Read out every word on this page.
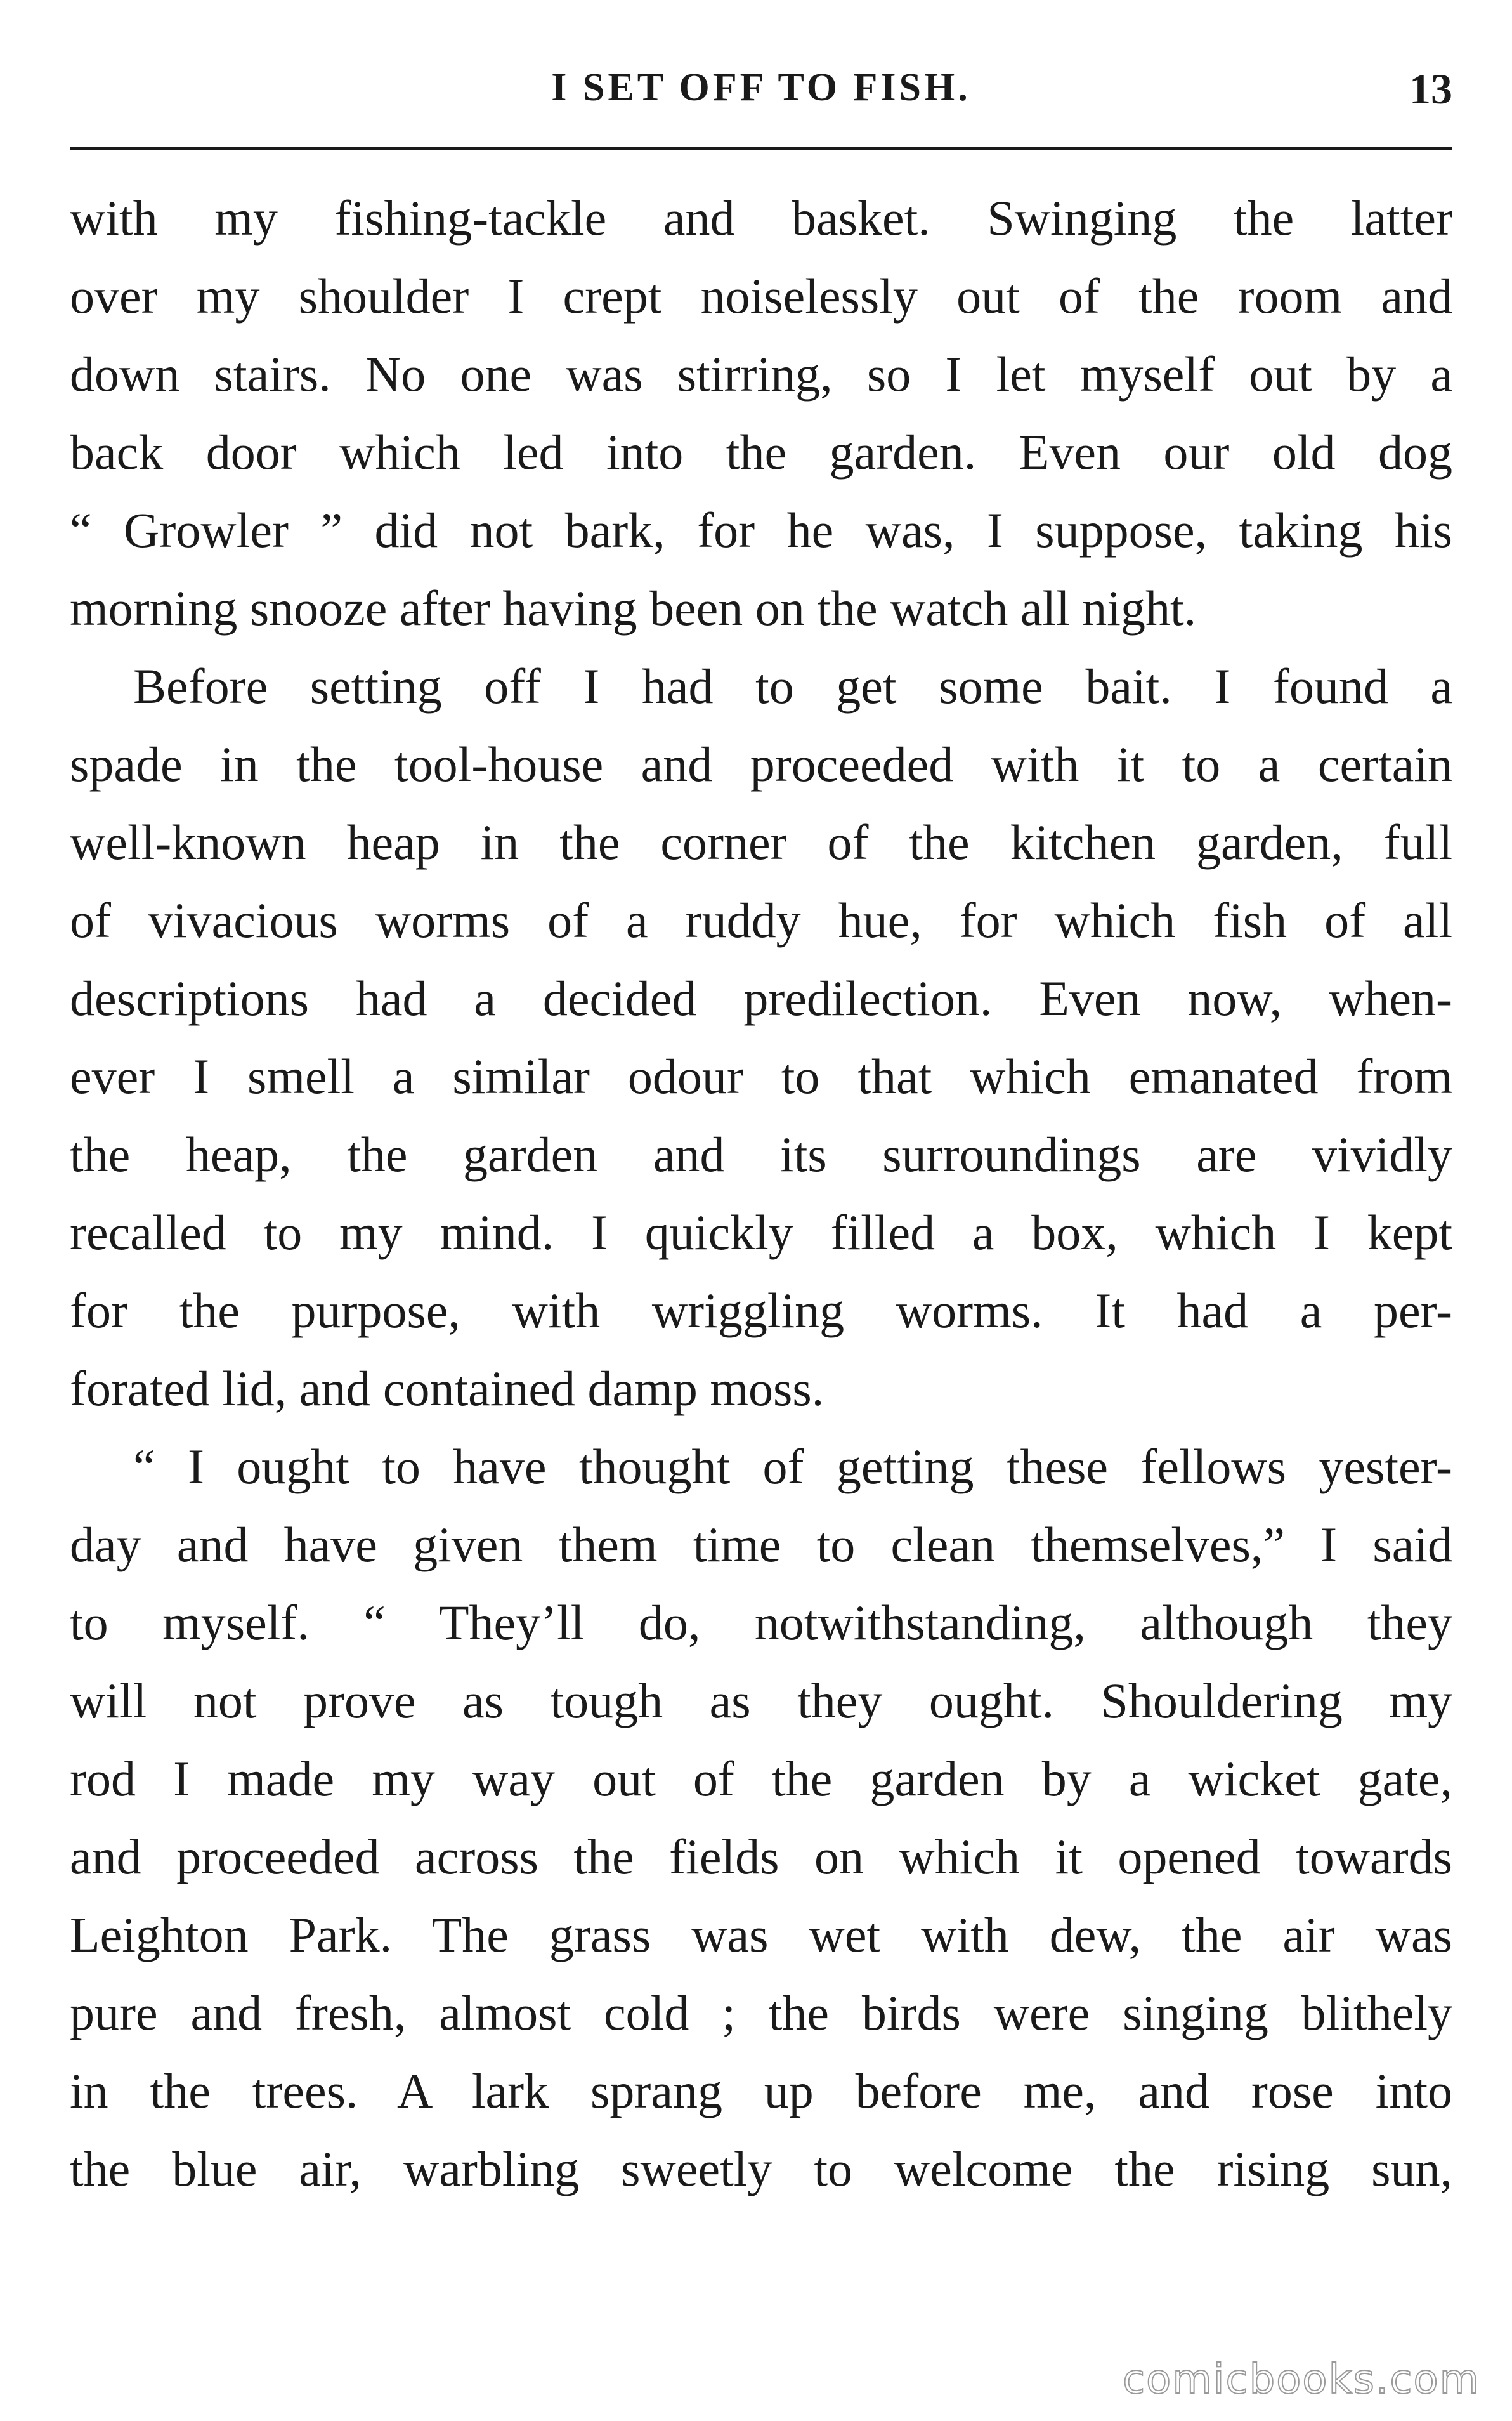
I SET OFF TO FISH.	13
with my fishing-tackle and basket. Swinging the latter
over my shoulder I crept noiselessly out of the room and
down stairs. No one was stirring, so I let myself out by a
back door which led into the garden. Even our old dog
“ Growler ” did not bark, for he was, I suppose, taking his
morning snooze after having been on the watch all night.
Before setting off I had to get some bait. I found a
spade in the tool-house and proceeded with it to a certain
well-known heap in the corner of the kitchen garden, full
of vivacious worms of a ruddy hue, for which fish of all
descriptions had a decided predilection. Even now, when-
ever I smell a similar odour to that which emanated from
the heap, the garden and its surroundings are vividly
recalled to my mind. I quickly filled a box, which I kept
for the purpose, with wriggling worms. It had a per-
forated lid, and contained damp moss.
“ I ought to have thought of getting these fellows yester-
day and have given them time to clean themselves,” I said
to myself. “ They’ll do, notwithstanding, although they
will not prove as tough as they ought. Shouldering my
rod I made my way out of the garden by a wicket gate,
and proceeded across the fields on which it opened towards
Leighton Park. The grass was wet with dew, the air was
pure and fresh, almost cold ; the birds were singing blithely
in the trees. A lark sprang up before me, and rose into
the blue air, warbling sweetly to welcome the rising sun,
comicbooks.com
